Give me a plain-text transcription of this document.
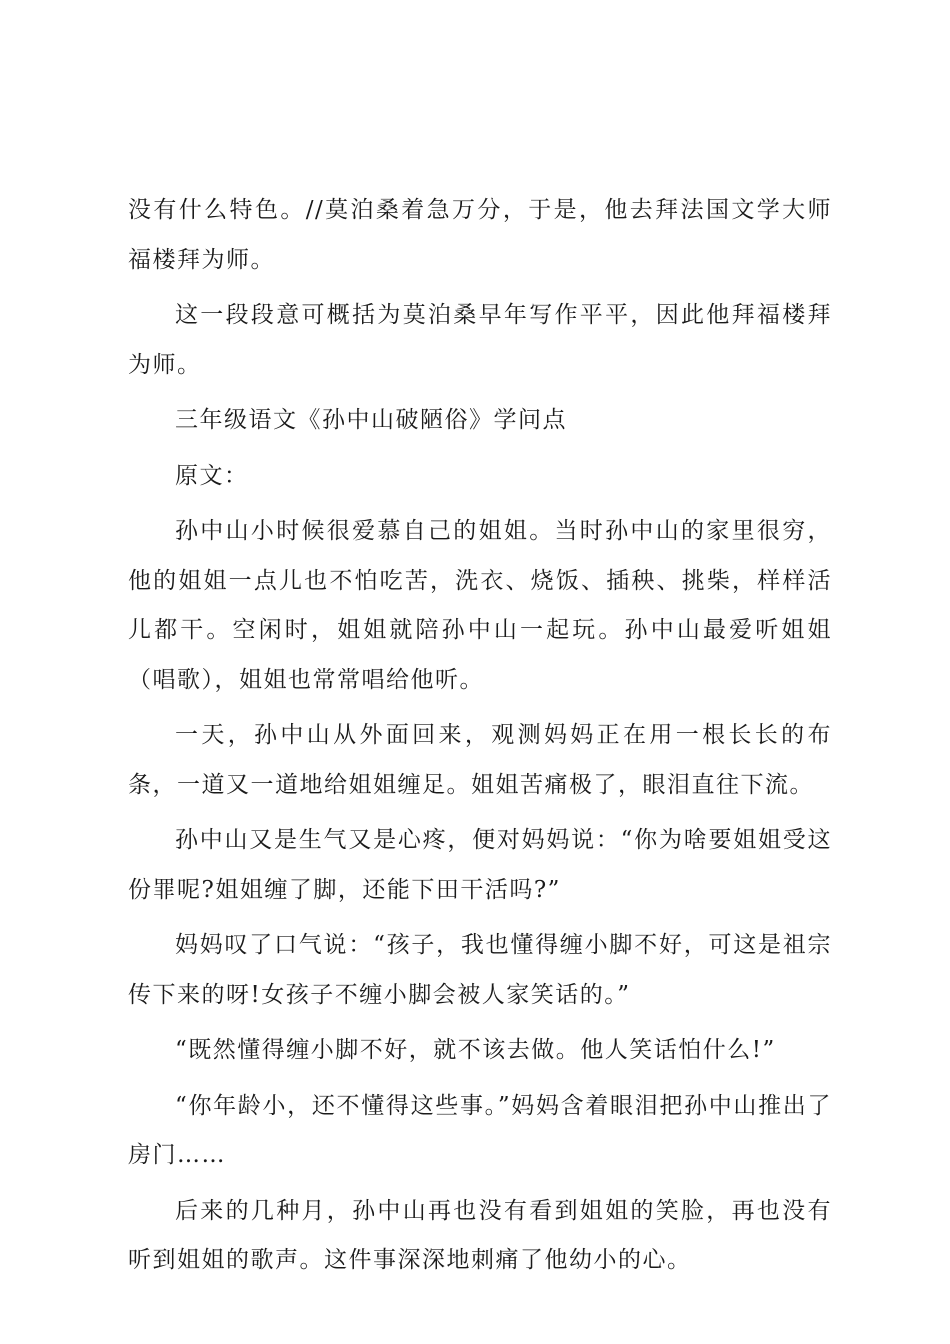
没有什么特色。//莫泊桑着急万分，于是，他去拜法国文学大师福楼拜为师。

这一段段意可概括为莫泊桑早年写作平平，因此他拜福楼拜为师。

三年级语文《孙中山破陋俗》学问点

原文：

孙中山小时候很爱慕自己的姐姐。当时孙中山的家里很穷，他的姐姐一点儿也不怕吃苦，洗衣、烧饭、插秧、挑柴，样样活儿都干。空闲时，姐姐就陪孙中山一起玩。孙中山最爱听姐姐（唱歌），姐姐也常常唱给他听。

一天，孙中山从外面回来，观测妈妈正在用一根长长的布条，一道又一道地给姐姐缠足。姐姐苦痛极了，眼泪直往下流。

孙中山又是生气又是心疼，便对妈妈说：“你为啥要姐姐受这份罪呢?姐姐缠了脚，还能下田干活吗?”

妈妈叹了口气说：“孩子，我也懂得缠小脚不好，可这是祖宗传下来的呀!女孩子不缠小脚会被人家笑话的。”

“既然懂得缠小脚不好，就不该去做。他人笑话怕什么!”

“你年龄小，还不懂得这些事。”妈妈含着眼泪把孙中山推出了房门……

后来的几种月，孙中山再也没有看到姐姐的笑脸，再也没有听到姐姐的歌声。这件事深深地刺痛了他幼小的心。
